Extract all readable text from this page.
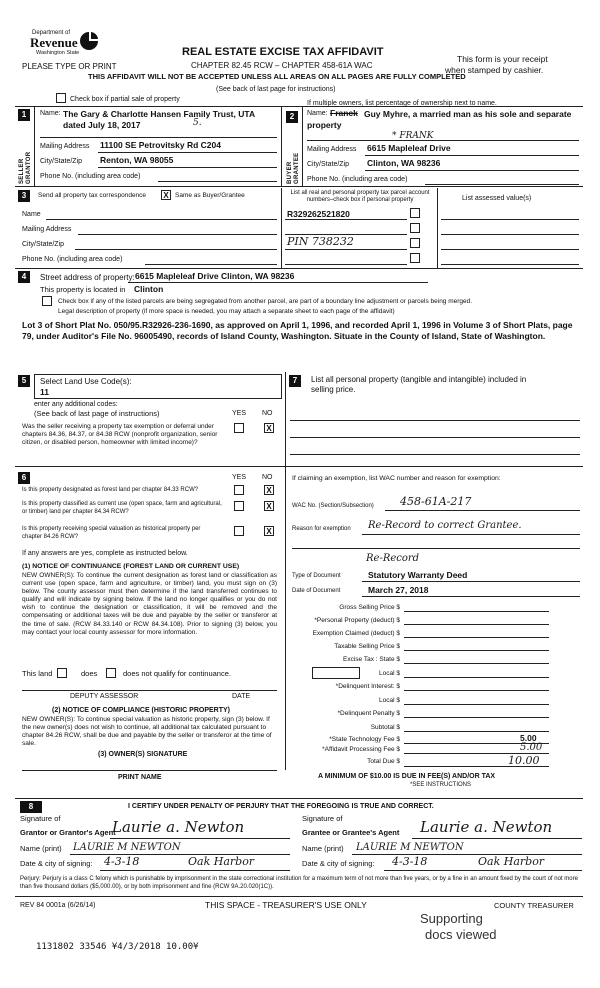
Department of
Revenue
Washington State
PLEASE TYPE OR PRINT
REAL ESTATE EXCISE TAX AFFIDAVIT
CHAPTER 82.45 RCW – CHAPTER 458-61A WAC
This form is your receipt
when stamped by cashier.
THIS AFFIDAVIT WILL NOT BE ACCEPTED UNLESS ALL AREAS ON ALL PAGES ARE FULLY COMPLETED
(See back of last page for instructions)
Check box if partial sale of property
If multiple owners, list percentage of ownership next to name.
1
SELLER GRANTOR
Name: The Gary & Charlotte Hansen Family Trust, UTA dated July 18, 2017	5.
Mailing Address 11100 SE Petrovitsky Rd C204
City/State/Zip Renton, WA 98055
Phone No. (including area code)
2
BUYER GRANTEE
Name: Franck Guy Myhre, a married man as his sole and separate property
* FRANK
Mailing Address 6615 Mapleleaf Drive
City/State/Zip Clinton, WA 98236
Phone No. (including area code)
3	Send all property tax correspondence X Same as Buyer/Grantee
Name
Mailing Address
City/State/Zip
Phone No. (including area code)
List all real and personal property tax parcel account numbers–check box if personal property	List assessed value(s)
R329262521820
PIN 738232
4	Street address of property: 6615 Mapleleaf Drive Clinton, WA 98236
This property is located in Clinton
Check box if any of the listed parcels are being segregated from another parcel, are part of a boundary line adjustment or parcels being merged.
Legal description of property (if more space is needed, you may attach a separate sheet to each page of the affidavit)
Lot 3 of Short Plat No. 050/95.R32926-236-1690, as approved on April 1, 1996, and recorded April 1, 1996 in Volume 3 of Short Plats, page 79, under Auditor's File No. 96005490, records of Island County, Washington. Situate in the County of Island, State of Washington.
5	Select Land Use Code(s):
11
enter any additional codes:
(See back of last page of instructions)	YES NO
Was the seller receiving a property tax exemption or deferral under chapters 84.36, 84.37, or 84.38 RCW (nonprofit organization, senior citizen, or disabled person, homeowner with limited income)?
X
7	List all personal property (tangible and intangible) included in selling price.
6	YES NO
Is this property designated as forest land per chapter 84.33 RCW?	X
Is this property classified as current use (open space, farm and agricultural, or timber) land per chapter 84.34 RCW?
X
Is this property receiving special valuation as historical property per chapter 84.26 RCW?
X
If any answers are yes, complete as instructed below.
(1) NOTICE OF CONTINUANCE (FOREST LAND OR CURRENT USE)
NEW OWNER(S): To continue the current designation as forest land or classification as current use (open space, farm and agriculture, or timber) land, you must sign on (3) below. The county assessor must then determine if the land transferred continues to qualify and will indicate by signing below. If the land no longer qualifies or you do not wish to continue the designation or classification, it will be removed and the compensating or additional taxes will be due and payable by the seller or transferor at the time of sale. (RCW 84.33.140 or RCW 84.34.108). Prior to signing (3) below, you may contact your local county assessor for more information.
This land	does	does not qualify for continuance.
DEPUTY ASSESSOR	DATE
(2) NOTICE OF COMPLIANCE (HISTORIC PROPERTY)
NEW OWNER(S): To continue special valuation as historic property, sign (3) below. If the new owner(s) does not wish to continue, all additional tax calculated pursuant to chapter 84.26 RCW, shall be due and payable by the seller or transferor at the time of sale.
(3) OWNER(S) SIGNATURE
PRINT NAME
If claiming an exemption, list WAC number and reason for exemption:
WAC No. (Section/Subsection) 458-61A-217
Reason for exemption Re-Record to correct Grantee.
Re-Record
Type of Document	Statutory Warranty Deed
Date of Document	March 27, 2018
Gross Selling Price $
*Personal Property (deduct) $
Exemption Claimed (deduct) $
Taxable Selling Price $
Excise Tax : State $
Local $
*Delinquent Interest: $
Local $
*Delinquent Penalty $
Subtotal $
*State Technology Fee $	5.00
*Affidavit Processing Fee $	5.00
Total Due $	10.00
A MINIMUM OF $10.00 IS DUE IN FEE(S) AND/OR TAX
*SEE INSTRUCTIONS
8	I CERTIFY UNDER PENALTY OF PERJURY THAT THE FOREGOING IS TRUE AND CORRECT.
Signature of
Grantor or Grantor's Agent
Laurie a. Newton
Name (print) LAURIE M NEWTON
Date & city of signing: 4-3-18	Oak Harbor
Signature of
Grantee or Grantee's Agent Laurie a. Newton
Name (print) LAURIE M NEWTON
Date & city of signing: 4-3-18	Oak Harbor
Perjury: Perjury is a class C felony which is punishable by imprisonment in the state correctional institution for a maximum term of not more than five years, or by a fine in an amount fixed by the court of not more than five thousand dollars ($5,000.00), or by both imprisonment and fine (RCW 9A.20.020(1C)).
REV 84 0001a (6/26/14)	THIS SPACE - TREASURER'S USE ONLY	COUNTY TREASURER
Supporting
docs viewed
1131802 33546 ¥4/3/2018 10.00¥
